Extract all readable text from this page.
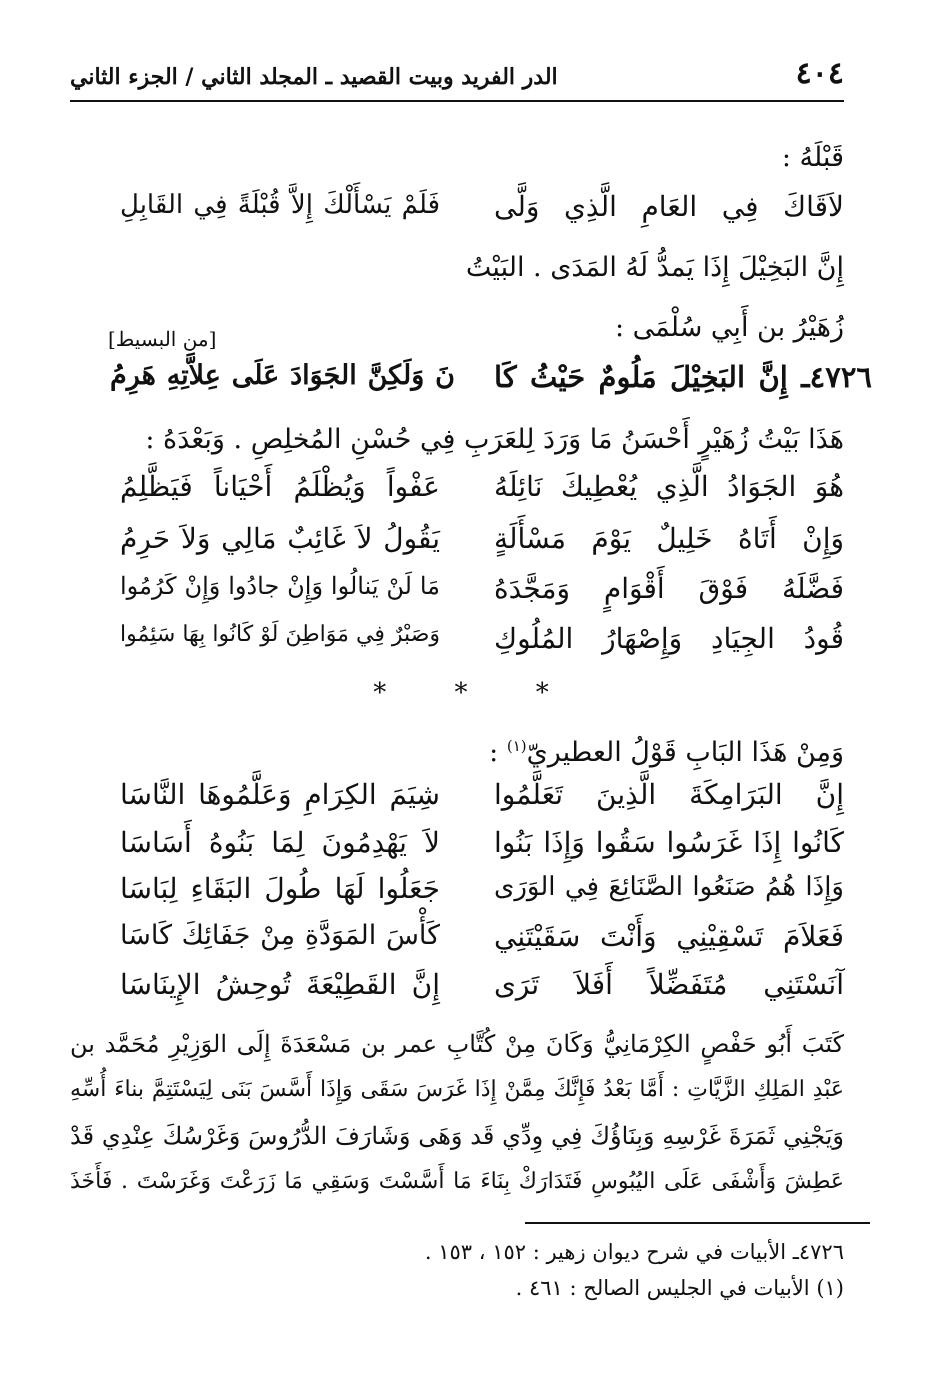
٤٠٤
الدر الفريد وبيت القصيد ـ المجلد الثاني / الجزء الثاني
قَبْلَهُ :
لاَقَاكَ فِي العَامِ الَّذِي وَلَّى
فَلَمْ يَسْأَلْكَ إِلاَّ قُبْلَةً فِي القَابِلِ
إِنَّ البَخِيْلَ إِذَا يَمدُّ لَهُ المَدَى . البَيْتُ
زُهَيْرُ بن أَبِي سُلْمَى :
[من البسيط]
٤٧٢٦ـ إِنَّ البَخِيْلَ مَلُومٌ حَيْثُ كَا
نَ وَلَكِنَّ الجَوَادَ عَلَى عِلاَّتِهِ هَرِمُ
هَذَا بَيْتُ زُهَيْرٍ أَحْسَنُ مَا وَرَدَ لِلعَرَبِ فِي حُسْنِ المُخلِصِ . وَبَعْدَهُ :
هُوَ الجَوَادُ الَّذِي يُعْطِيكَ نَائِلَهُ
عَفْواً وَيُظْلَمُ أَحْيَاناً فَيَظَّلِمُ
وَإِنْ أَتَاهُ خَلِيلٌ يَوْمَ مَسْأَلَةٍ
يَقُولُ لاَ غَائِبٌ مَالِي وَلاَ حَرِمُ
فَضَّلَهُ فَوْقَ أَقْوَامٍ وَمَجَّدَهُ
مَا لَنْ يَنالُوا وَإِنْ جادُوا وَإِنْ كَرُمُوا
قُودُ الجِيَادِ وَإِصْهَارُ المُلُوكِ
وَصَبْرٌ فِي مَوَاطِنَ لَوْ كَانُوا بِهَا سَئِمُوا
* * *
وَمِنْ هَذَا البَابِ قَوْلُ العطيريّ$^{(١)}$ :
إِنَّ البَرَامِكَةَ الَّذِينَ تَعَلَّمُوا
شِيَمَ الكِرَامِ وَعَلَّمُوهَا النَّاسَا
كَانُوا إِذَا غَرَسُوا سَقُوا وَإِذَا بَنُوا
لاَ يَهْدِمُونَ لِمَا بَنُوهُ أَسَاسَا
وَإِذَا هُمُ صَنَعُوا الصَّنَائِعَ فِي الوَرَى
جَعَلُوا لَهَا طُولَ البَقَاءِ لِبَاسَا
فَعَلاَمَ تَسْقِيْنِي وَأَنْتَ سَقَيْتَنِي
كَأْسَ المَوَدَّةِ مِنْ جَفَائِكَ كَاسَا
آنَسْتَنِي مُتَفَضِّلاً أَفَلاَ تَرَى
إِنَّ القَطِيْعَةَ تُوحِشُ الإِينَاسَا
كَتَبَ أَبُو حَفْصٍ الكِرْمَانِيُّ وَكَانَ مِنْ كُتَّابِ عمر بن مَسْعَدَةَ إِلَى الوَزِيْرِ مُحَمَّد بن
عَبْدِ المَلِكِ الزَّيَّاتِ : أَمَّا بَعْدُ فَإِنَّكَ مِمَّنْ إِذَا غَرَسَ سَقَى وَإِذَا أَسَّسَ بَنَى لِيَسْتَتِمَّ بناءَ أُسِّهِ
وَيَجْنِي ثَمَرَةَ غَرْسِهِ وَبِنَاؤُكَ فِي وِدِّي قَد وَهَى وَشَارَفَ الدُّرُوسَ وَغَرْسُكَ عِنْدِي قَدْ
عَطِشَ وَأَشْفَى عَلَى اليُبُوسِ فَتَدَارَكْ بِنَاءَ مَا أَسَّسْتَ وَسَقِي مَا زَرَعْتَ وَغَرَسْتَ . فَأَخَذَ
٤٧٢٦ـ الأبيات في شرح ديوان زهير : ١٥٢ ، ١٥٣ .
(١) الأبيات في الجليس الصالح : ٤٦١ .
